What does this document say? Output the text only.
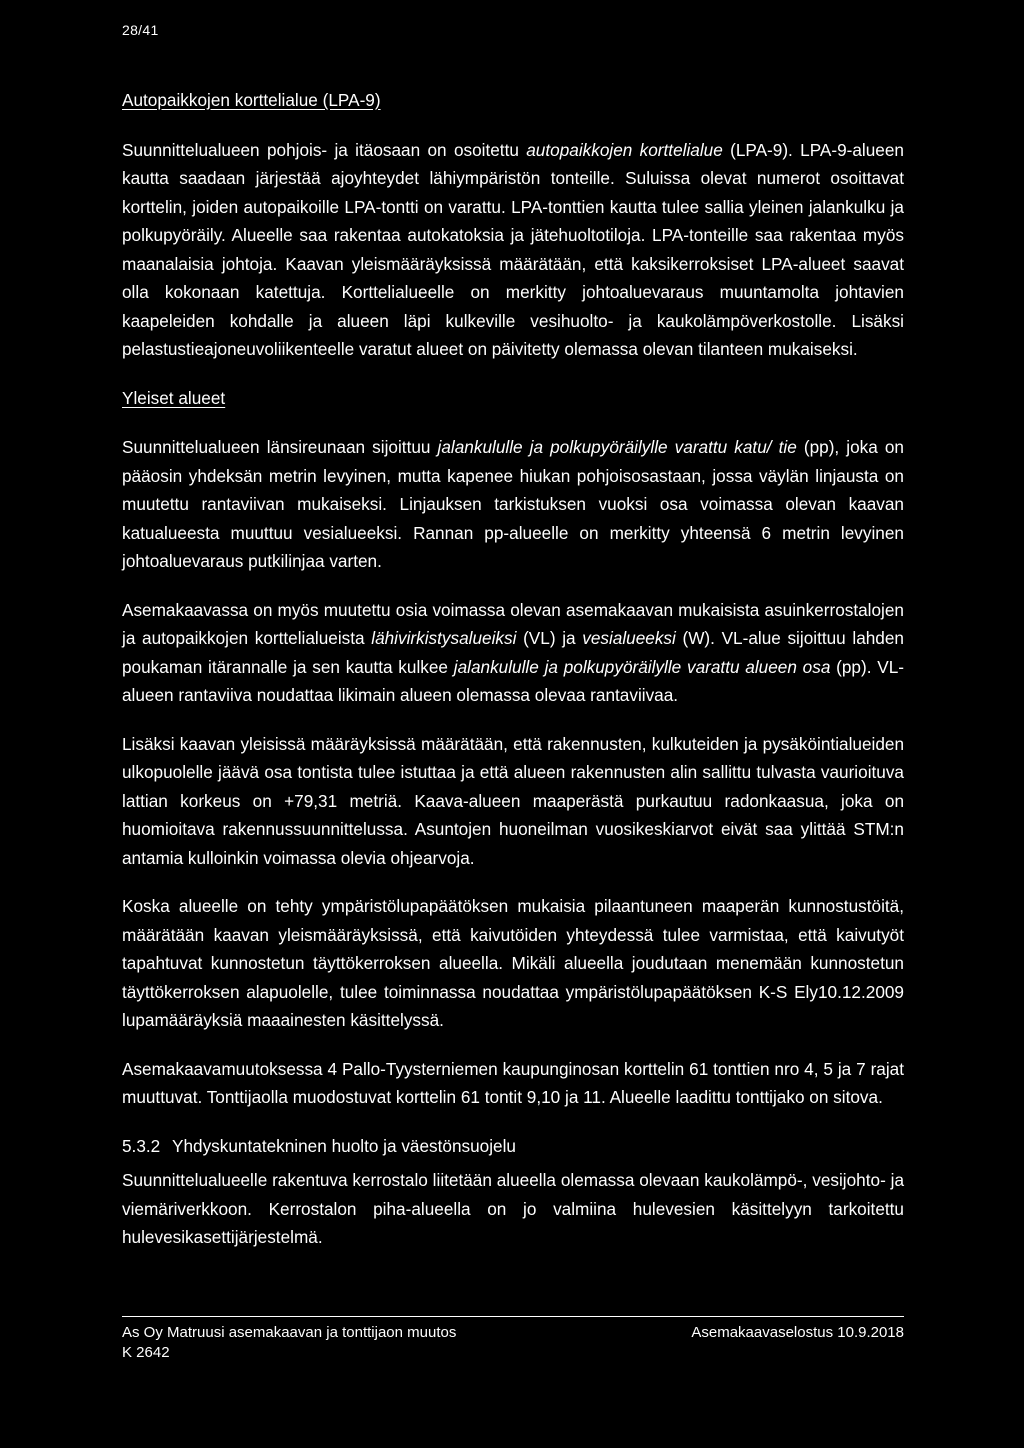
28/41
Autopaikkojen korttelialue (LPA-9)

Suunnittelualueen pohjois- ja itäosaan on osoitettu autopaikkojen korttelialue (LPA-9). LPA-9-alueen kautta saadaan järjestää ajoyhteydet lähiympäristön tonteille. Suluissa olevat numerot osoittavat korttelin, joiden autopaikoille LPA-tontti on varattu. LPA-tonttien kautta tulee sallia yleinen jalankulku ja polkupyöräily. Alueelle saa rakentaa autokatoksia ja jätehuoltotiloja. LPA-tonteille saa rakentaa myös maanalaisia johtoja. Kaavan yleismääräyksissä määrätään, että kaksikerroksiset LPA-alueet saavat olla kokonaan katettuja. Korttelialueelle on merkitty johtoaluevaraus muuntamolta johtavien kaapeleiden kohdalle ja alueen läpi kulkeville vesihuolto- ja kaukolämpöverkostolle. Lisäksi pelastustieajoneuvoliikenteelle varatut alueet on päivitetty olemassa olevan tilanteen mukaiseksi.

Yleiset alueet

Suunnittelualueen länsireunaan sijoittuu jalankululle ja polkupyöräilylle varattu katu/ tie (pp), joka on pääosin yhdeksän metrin levyinen, mutta kapenee hiukan pohjoisosastaan, jossa väylän linjausta on muutettu rantaviivan mukaiseksi. Linjauksen tarkistuksen vuoksi osa voimassa olevan kaavan katualueesta muuttuu vesialueeksi. Rannan pp-alueelle on merkitty yhteensä 6 metrin levyinen johtoaluevaraus putkilinjaa varten.

Asemakaavassa on myös muutettu osia voimassa olevan asemakaavan mukaisista asuinkerrostalojen ja autopaikkojen korttelialueista lähivirkistysalueiksi (VL) ja vesialueeksi (W). VL-alue sijoittuu lahden poukaman itärannalle ja sen kautta kulkee jalankululle ja polkupyöräilylle varattu alueen osa (pp). VL-alueen rantaviiva noudattaa likimain alueen olemassa olevaa rantaviivaa.

Lisäksi kaavan yleisissä määräyksissä määrätään, että rakennusten, kulkuteiden ja pysäköintialueiden ulkopuolelle jäävä osa tontista tulee istuttaa ja että alueen rakennusten alin sallittu tulvasta vaurioituva lattian korkeus on +79,31 metriä. Kaava-alueen maaperästä purkautuu radonkaasua, joka on huomioitava rakennussuunnittelussa. Asuntojen huoneilman vuosikeskiarvot eivät saa ylittää STM:n antamia kulloinkin voimassa olevia ohjearvoja.

Koska alueelle on tehty ympäristölupapäätöksen mukaisia pilaantuneen maaperän kunnostustöitä, määrätään kaavan yleismääräyksissä, että kaivutöiden yhteydessä tulee varmistaa, että kaivutyöt tapahtuvat kunnostetun täyttökerroksen alueella. Mikäli alueella joudutaan menemään kunnostetun täyttökerroksen alapuolelle, tulee toiminnassa noudattaa ympäristölupapäätöksen K-S Ely10.12.2009 lupamääräyksiä maaainesten käsittelyssä.

Asemakaavamuutoksessa 4 Pallo-Tyysterniemen kaupunginosan korttelin 61 tonttien nro 4, 5 ja 7 rajat muuttuvat. Tonttijaolla muodostuvat korttelin 61 tontit 9,10 ja 11. Alueelle laadittu tonttijako on sitova.

5.3.2 Yhdyskuntatekninen huolto ja väestönsuojelu

Suunnittelualueelle rakentuva kerrostalo liitetään alueella olemassa olevaan kaukolämpö-, vesijohto- ja viemäriverkkoon. Kerrostalon piha-alueella on jo valmiina hulevesien käsittelyyn tarkoitettu hulevesikasettijärjestelmä.

As Oy Matruusi asemakaavan ja tonttijaon muutos	Asemakaavaselostus 10.9.2018
K 2642
